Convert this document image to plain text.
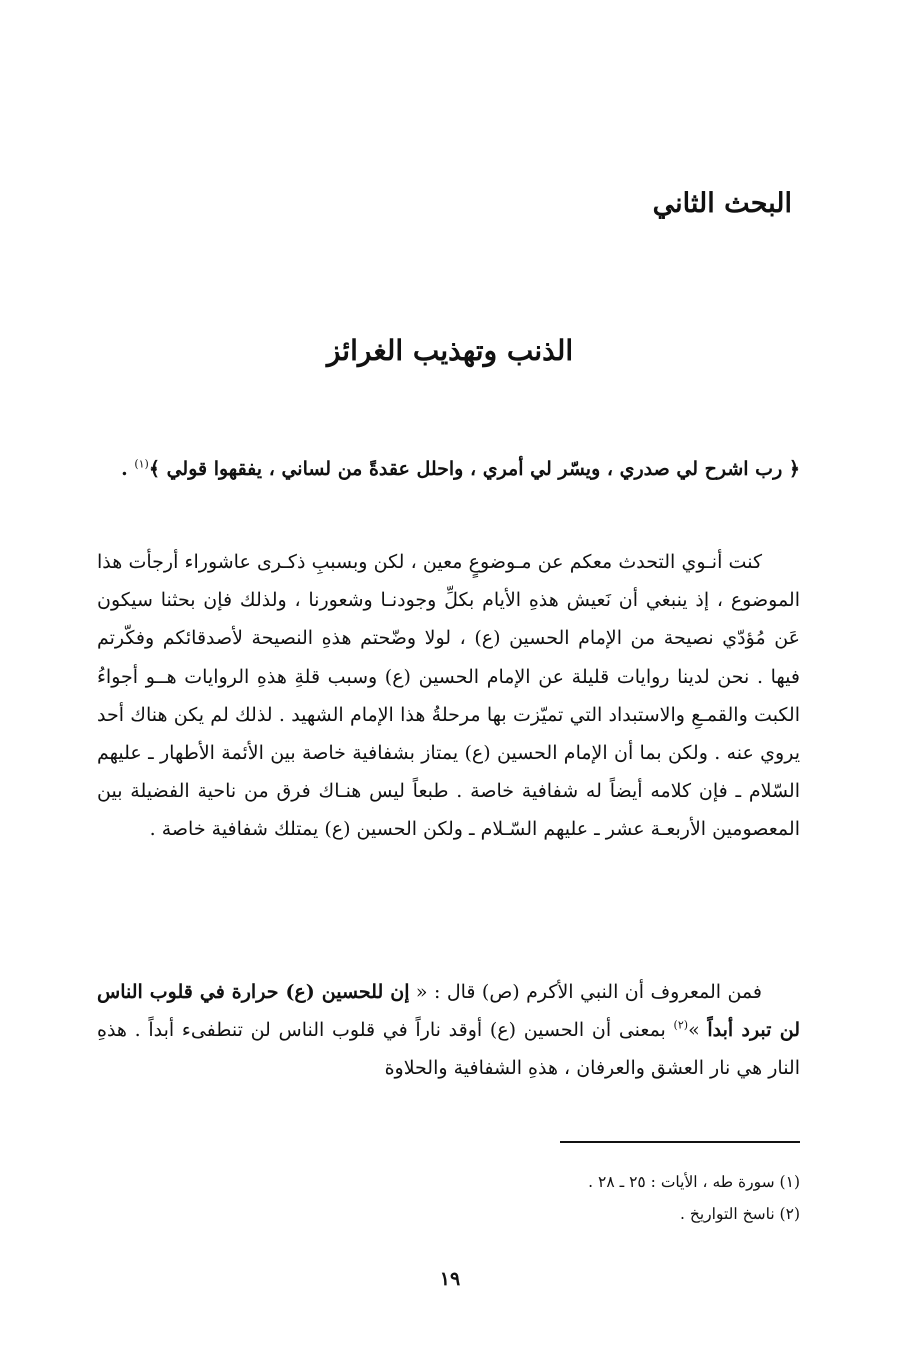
البحث الثاني
الذنب وتهذيب الغرائز

﴿ رب اشرح لي صدري ، ويسّر لي أمري ، واحلل عقدةً من لساني ، يفقهوا قولي ﴾$^{(١)}$ .

كنت أنـوي التحدث معكم عن مـوضوعٍ معين ، لكن وبسببِ ذكـرى عاشوراء أرجأت هذا الموضوع ، إذ ينبغي أن نَعيش هذهِ الأيام بكلِّ وجودنـا وشعورنا ، ولذلك فإن بحثنا سيكون عَن مُؤدّي نصيحة من الإمام الحسين (ع) ، لولا وضّحتم هذهِ النصيحة لأصدقائكم وفكّرتم فيها . نحن لدينا روايات قليلة عن الإمام الحسين (ع) وسبب قلةِ هذهِ الروايات هــو أجواءُ الكبت والقمـعِ والاستبداد التي تميّزت بها مرحلةُ هذا الإمام الشهيد . لذلك لم يكن هناك أحد يروي عنه . ولكن بما أن الإمام الحسين (ع) يمتاز بشفافية خاصة بين الأئمة الأطهار ـ عليهم السّلام ـ فإن كلامه أيضاً له شفافية خاصة . طبعاً ليس هنـاك فرق من ناحية الفضيلة بين المعصومين الأربعـة عشر ـ عليهم السّـلام ـ ولكن الحسين (ع) يمتلك شفافية خاصة .

فمن المعروف أن النبي الأكرم (ص) قال : « إن للحسين (ع) حرارة في قلوب الناس لن تبرد أبداً »$^{(٢)}$ بمعنى أن الحسين (ع) أوقد ناراً في قلوب الناس لن تنطفىء أبداً . هذهِ النار هي نار العشق والعرفان ، هذهِ الشفافية والحلاوة

(١) سورة طه ، الأيات : ٢٥ ـ ٢٨ .
(٢) ناسخ التواريخ .
١٩
